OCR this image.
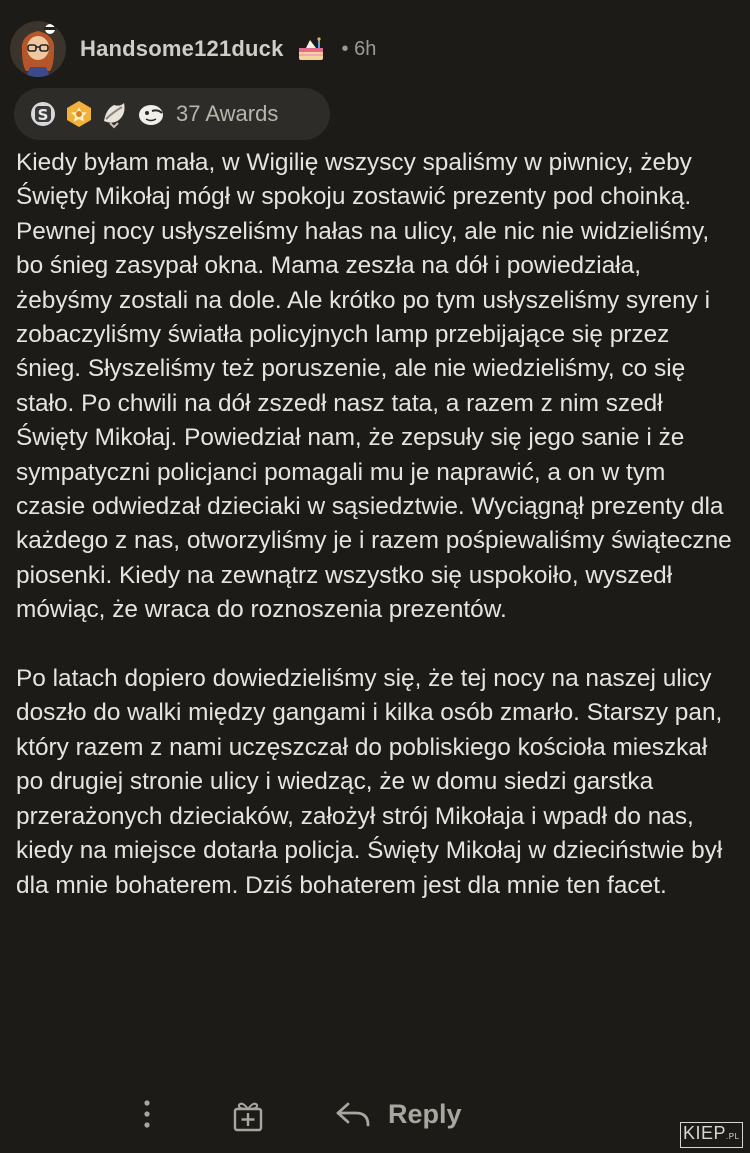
Handsome121duck	• 6h
S	37 Awards

Kiedy byłam mała, w Wigilię wszyscy spaliśmy w piwnicy, żeby Święty Mikołaj mógł w spokoju zostawić prezenty pod choinką. Pewnej nocy usłyszeliśmy hałas na ulicy, ale nic nie widzieliśmy, bo śnieg zasypał okna. Mama zeszła na dół i powiedziała, żebyśmy zostali na dole. Ale krótko po tym usłyszeliśmy syreny i zobaczyliśmy światła policyjnych lamp przebijające się przez śnieg. Słyszeliśmy też poruszenie, ale nie wiedzieliśmy, co się stało. Po chwili na dół zszedł nasz tata, a razem z nim szedł Święty Mikołaj. Powiedział nam, że zepsuły się jego sanie i że sympatyczni policjanci pomagali mu je naprawić, a on w tym czasie odwiedzał dzieciaki w sąsiedztwie. Wyciągnął prezenty dla każdego z nas, otworzyliśmy je i razem pośpiewaliśmy świąteczne piosenki. Kiedy na zewnątrz wszystko się uspokoiło, wyszedł mówiąc, że wraca do roznoszenia prezentów.

Po latach dopiero dowiedzieliśmy się, że tej nocy na naszej ulicy doszło do walki między gangami i kilka osób zmarło. Starszy pan, który razem z nami uczęszczał do pobliskiego kościoła mieszkał po drugiej stronie ulicy i wiedząc, że w domu siedzi garstka przerażonych dzieciaków, założył strój Mikołaja i wpadł do nas, kiedy na miejsce dotarła policja. Święty Mikołaj w dzieciństwie był dla mnie bohaterem. Dziś bohaterem jest dla mnie ten facet.

Reply
KIEP.PL
